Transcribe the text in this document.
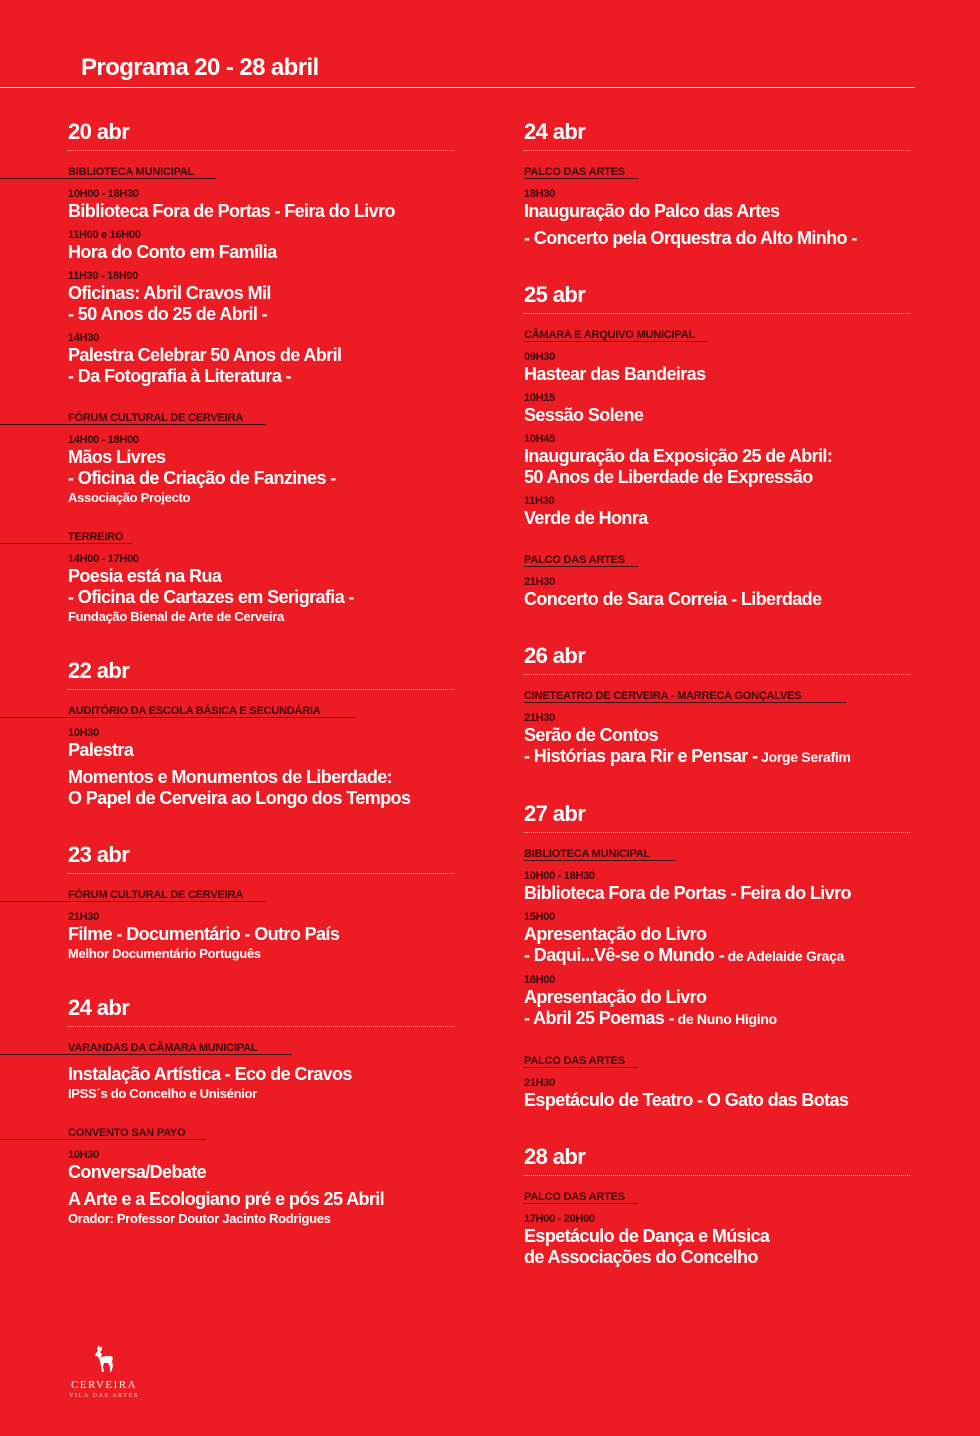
Programa 20 - 28 abril
20 abr
BIBLIOTECA MUNICIPAL
10H00 - 18H30
Biblioteca Fora de Portas - Feira do Livro
11H00 e 16H00
Hora do Conto em Família
11H30 - 18H00
Oficinas: Abril Cravos Mil
- 50 Anos do 25 de Abril -
14H30
Palestra Celebrar 50 Anos de Abril
- Da Fotografia à Literatura -
FÓRUM CULTURAL DE CERVEIRA
14H00 - 18H00
Mãos Livres
- Oficina de Criação de Fanzines -
Associação Projecto
TERREIRO
14H00 - 17H00
Poesia está na Rua
- Oficina de Cartazes em Serigrafia -
Fundação Bienal de Arte de Cerveira
22 abr
AUDITÓRIO DA ESCOLA BÁSICA E SECUNDÁRIA
10H30
Palestra
Momentos e Monumentos de Liberdade:
O Papel de Cerveira ao Longo dos Tempos
23 abr
FÓRUM CULTURAL DE CERVEIRA
21H30
Filme - Documentário - Outro País
Melhor Documentário Português
24 abr
VARANDAS DA CÂMARA MUNICIPAL
Instalação Artística - Eco de Cravos
IPSS´s do Concelho e Unisénior
CONVENTO SAN PAYO
10H30
Conversa/Debate
A Arte e a Ecologiano pré e pós 25 Abril
Orador: Professor Doutor Jacinto Rodrigues
24 abr
PALCO DAS ARTES
18H30
Inauguração do Palco das Artes
- Concerto pela Orquestra do Alto Minho -
25 abr
CÂMARA E ARQUIVO MUNICIPAL
09H30
Hastear das Bandeiras
10H15
Sessão Solene
10H45
Inauguração da Exposição 25 de Abril:
50 Anos de Liberdade de Expressão
11H30
Verde de Honra
PALCO DAS ARTES
21H30
Concerto de Sara Correia - Liberdade
26 abr
CINETEATRO DE CERVEIRA - MARRECA GONÇALVES
21H30
Serão de Contos
- Histórias para Rir e Pensar - Jorge Serafim
27 abr
BIBLIOTECA MUNICIPAL
10H00 - 18H30
Biblioteca Fora de Portas - Feira do Livro
15H00
Apresentação do Livro
- Daqui...Vê-se o Mundo - de Adelaide Graça
16H00
Apresentação do Livro
- Abril 25 Poemas - de Nuno Higino
PALCO DAS ARTES
21H30
Espetáculo de Teatro - O Gato das Botas
28 abr
PALCO DAS ARTES
17H00 - 20H00
Espetáculo de Dança e Música
de Associações do Concelho
CERVEIRA
VILA DAS ARTES
